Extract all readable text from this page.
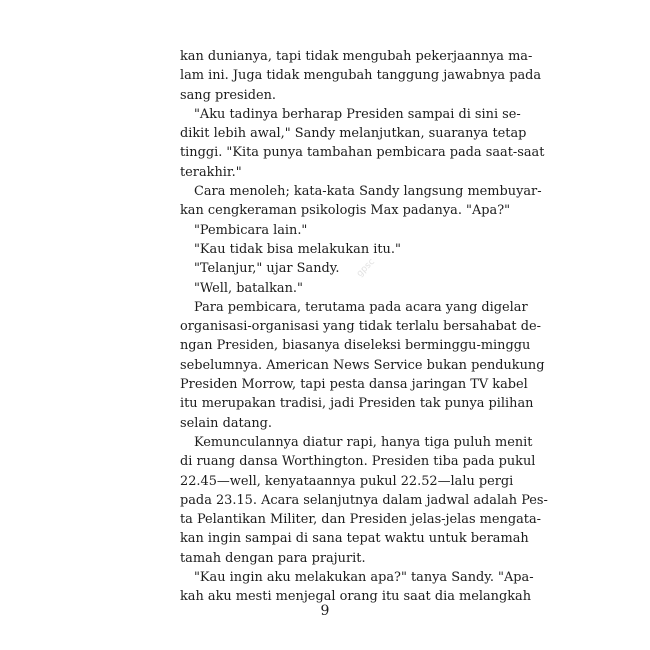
kan dunianya, tapi tidak mengubah pekerjaannya ma-
lam ini. Juga tidak mengubah tanggung jawabnya pada
sang presiden.
"Aku tadinya berharap Presiden sampai di sini se-
dikit lebih awal," Sandy melanjutkan, suaranya tetap
tinggi. "Kita punya tambahan pembicara pada saat-saat
terakhir."
Cara menoleh; kata-kata Sandy langsung membuyar-
kan cengkeraman psikologis Max padanya. "Apa?"
"Pembicara lain."
"Kau tidak bisa melakukan itu."
"Telanjur," ujar Sandy.
"Well, batalkan."
Para pembicara, terutama pada acara yang digelar
organisasi-organisasi yang tidak terlalu bersahabat de-
ngan Presiden, biasanya diseleksi berminggu-minggu
sebelumnya. American News Service bukan pendukung
Presiden Morrow, tapi pesta dansa jaringan TV kabel
itu merupakan tradisi, jadi Presiden tak punya pilihan
selain datang.
Kemunculannya diatur rapi, hanya tiga puluh menit
di ruang dansa Worthington. Presiden tiba pada pukul
22.45—well, kenyataannya pukul 22.52—lalu pergi
pada 23.15. Acara selanjutnya dalam jadwal adalah Pes-
ta Pelantikan Militer, dan Presiden jelas-jelas mengata-
kan ingin sampai di sana tepat waktu untuk beramah
tamah dengan para prajurit.
"Kau ingin aku melakukan apa?" tanya Sandy. "Apa-
kah aku mesti menjegal orang itu saat dia melangkah
9
gpsc
